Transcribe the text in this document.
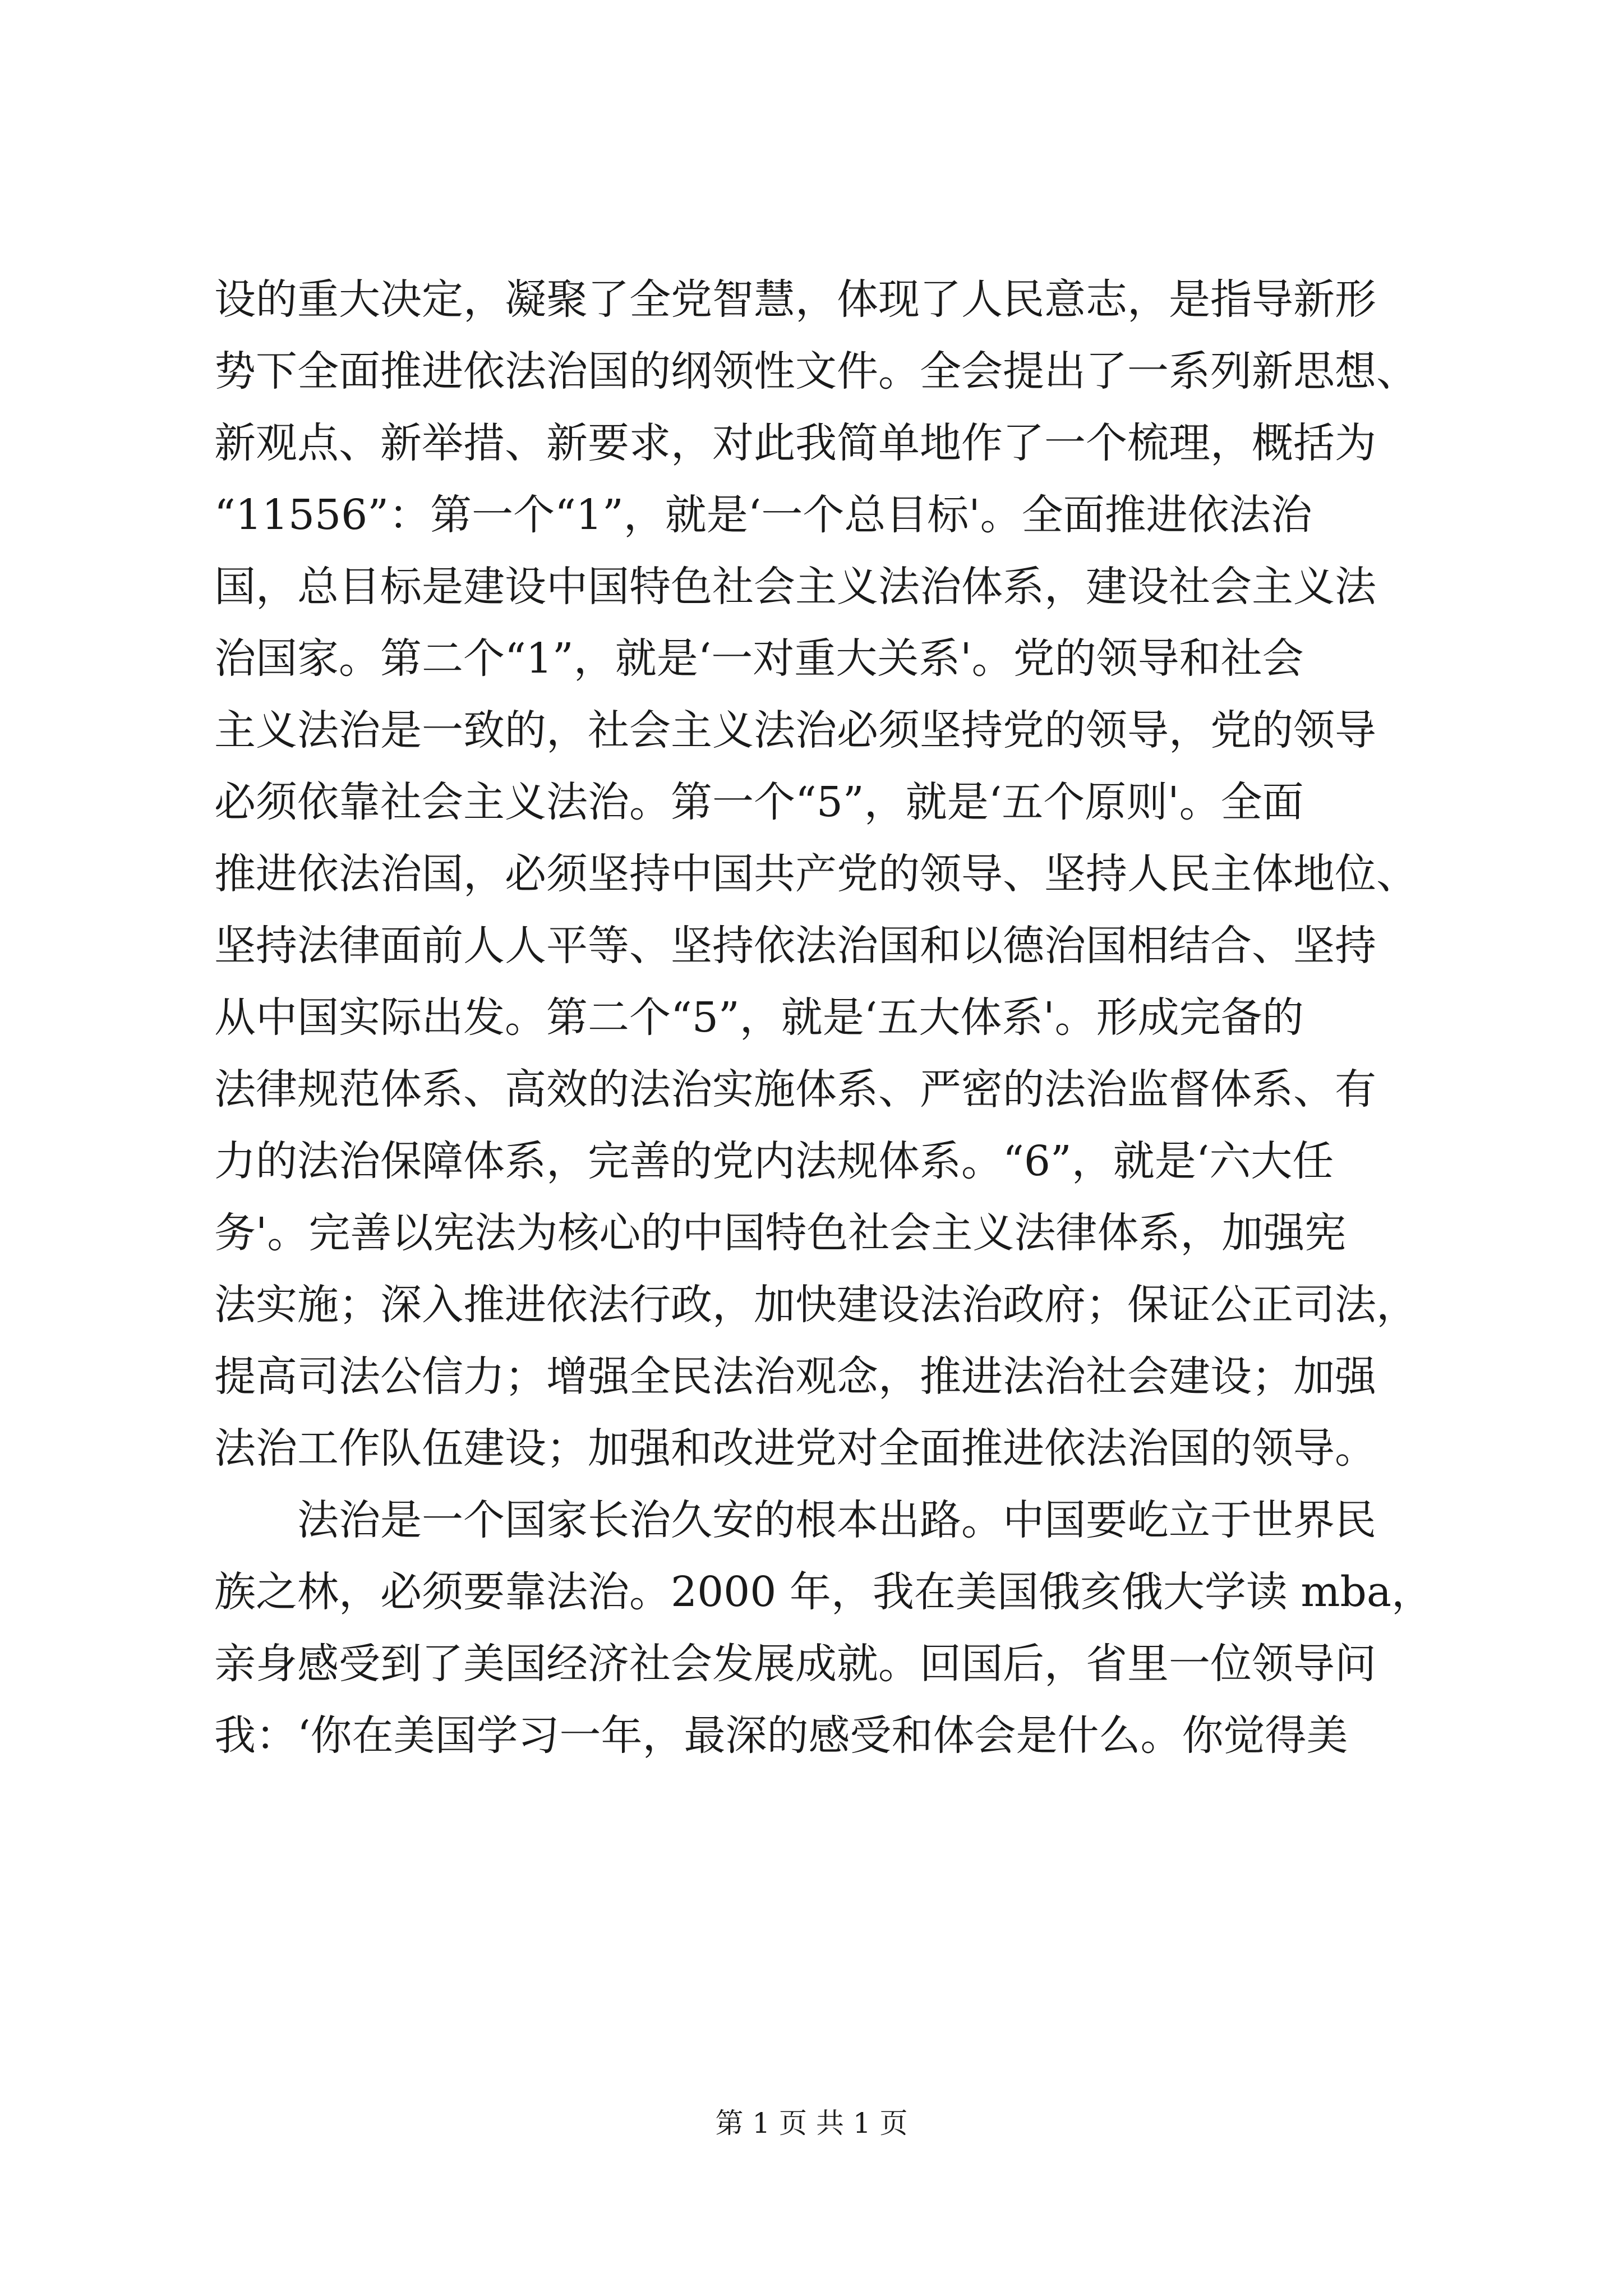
设的重大决定，凝聚了全党智慧，体现了人民意志，是指导新形
势下全面推进依法治国的纲领性文件。全会提出了一系列新思想、
新观点、新举措、新要求，对此我简单地作了一个梳理，概括为
“11556”：第一个“1”，就是‘一个总目标'。全面推进依法治
国，总目标是建设中国特色社会主义法治体系，建设社会主义法
治国家。第二个“1”，就是‘一对重大关系'。党的领导和社会
主义法治是一致的，社会主义法治必须坚持党的领导，党的领导
必须依靠社会主义法治。第一个“5”，就是‘五个原则'。全面
推进依法治国，必须坚持中国共产党的领导、坚持人民主体地位、
坚持法律面前人人平等、坚持依法治国和以德治国相结合、坚持
从中国实际出发。第二个“5”，就是‘五大体系'。形成完备的
法律规范体系、高效的法治实施体系、严密的法治监督体系、有
力的法治保障体系，完善的党内法规体系。“6”，就是‘六大任
务'。完善以宪法为核心的中国特色社会主义法律体系，加强宪
法实施；深入推进依法行政，加快建设法治政府；保证公正司法，
提高司法公信力；增强全民法治观念，推进法治社会建设；加强
法治工作队伍建设；加强和改进党对全面推进依法治国的领导。
　　法治是一个国家长治久安的根本出路。中国要屹立于世界民
族之林，必须要靠法治。2000 年，我在美国俄亥俄大学读 mba，
亲身感受到了美国经济社会发展成就。回国后，省里一位领导问
我：‘你在美国学习一年，最深的感受和体会是什么。你觉得美
第 1 页 共 1 页
